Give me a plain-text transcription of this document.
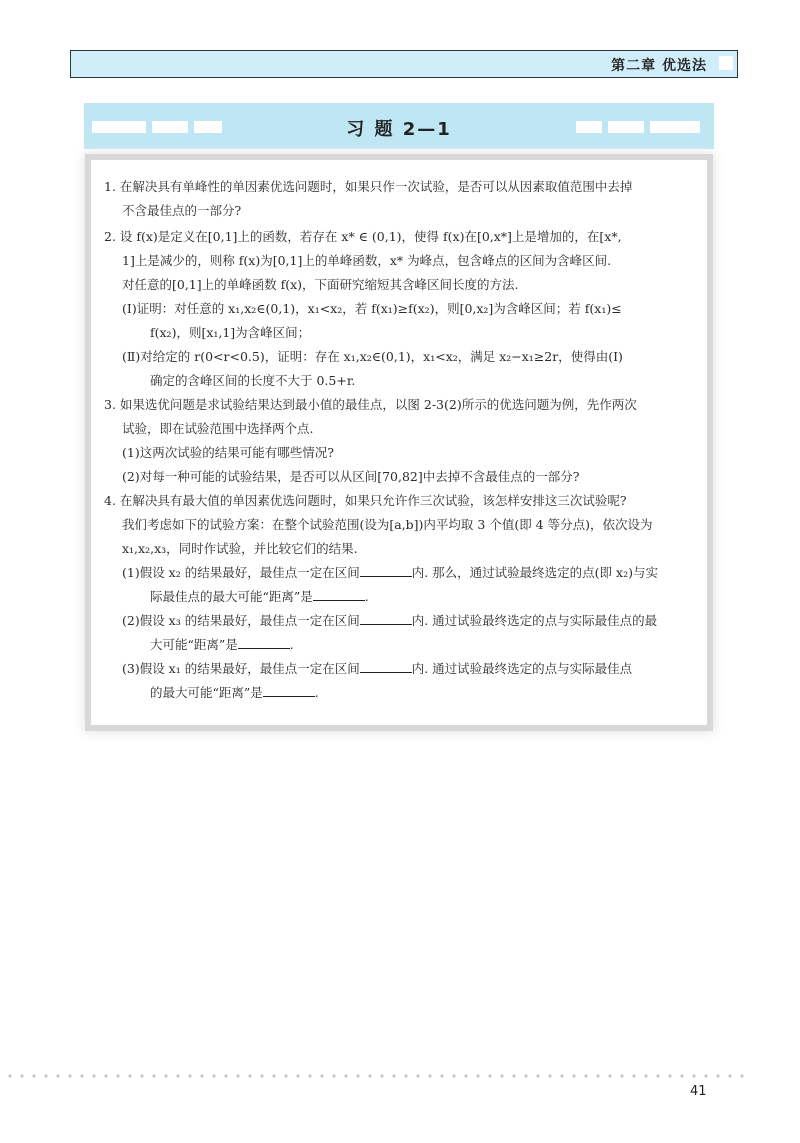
第二章 优选法
习 题 2—1
1. 在解决具有单峰性的单因素优选问题时，如果只作一次试验，是否可以从因素取值范围中去掉
不含最佳点的一部分?
2. 设 f(x)是定义在[0,1]上的函数，若存在 x* ∈ (0,1)，使得 f(x)在[0,x*]上是增加的，在[x*,
1]上是减少的，则称 f(x)为[0,1]上的单峰函数，x* 为峰点，包含峰点的区间为含峰区间.
对任意的[0,1]上的单峰函数 f(x)，下面研究缩短其含峰区间长度的方法.
(Ⅰ)证明：对任意的 x₁,x₂∈(0,1)，x₁<x₂，若 f(x₁)≥f(x₂)，则[0,x₂]为含峰区间；若 f(x₁)≤
f(x₂)，则[x₁,1]为含峰区间；
(Ⅱ)对给定的 r(0<r<0.5)，证明：存在 x₁,x₂∈(0,1)，x₁<x₂，满足 x₂−x₁≥2r，使得由(Ⅰ)
确定的含峰区间的长度不大于 0.5+r.
3. 如果选优问题是求试验结果达到最小值的最佳点，以图 2-3(2)所示的优选问题为例，先作两次
试验，即在试验范围中选择两个点.
(1)这两次试验的结果可能有哪些情况?
(2)对每一种可能的试验结果，是否可以从区间[70,82]中去掉不含最佳点的一部分?
4. 在解决具有最大值的单因素优选问题时，如果只允许作三次试验，该怎样安排这三次试验呢?
我们考虑如下的试验方案：在整个试验范围(设为[a,b])内平均取 3 个值(即 4 等分点)，依次设为
x₁,x₂,x₃，同时作试验，并比较它们的结果.
(1)假设 x₂ 的结果最好，最佳点一定在区间	内. 那么，通过试验最终选定的点(即 x₂)与实
际最佳点的最大可能“距离”是	.
(2)假设 x₃ 的结果最好，最佳点一定在区间	内. 通过试验最终选定的点与实际最佳点的最
大可能“距离”是	.
(3)假设 x₁ 的结果最好，最佳点一定在区间	内. 通过试验最终选定的点与实际最佳点
的最大可能“距离”是	.
41
